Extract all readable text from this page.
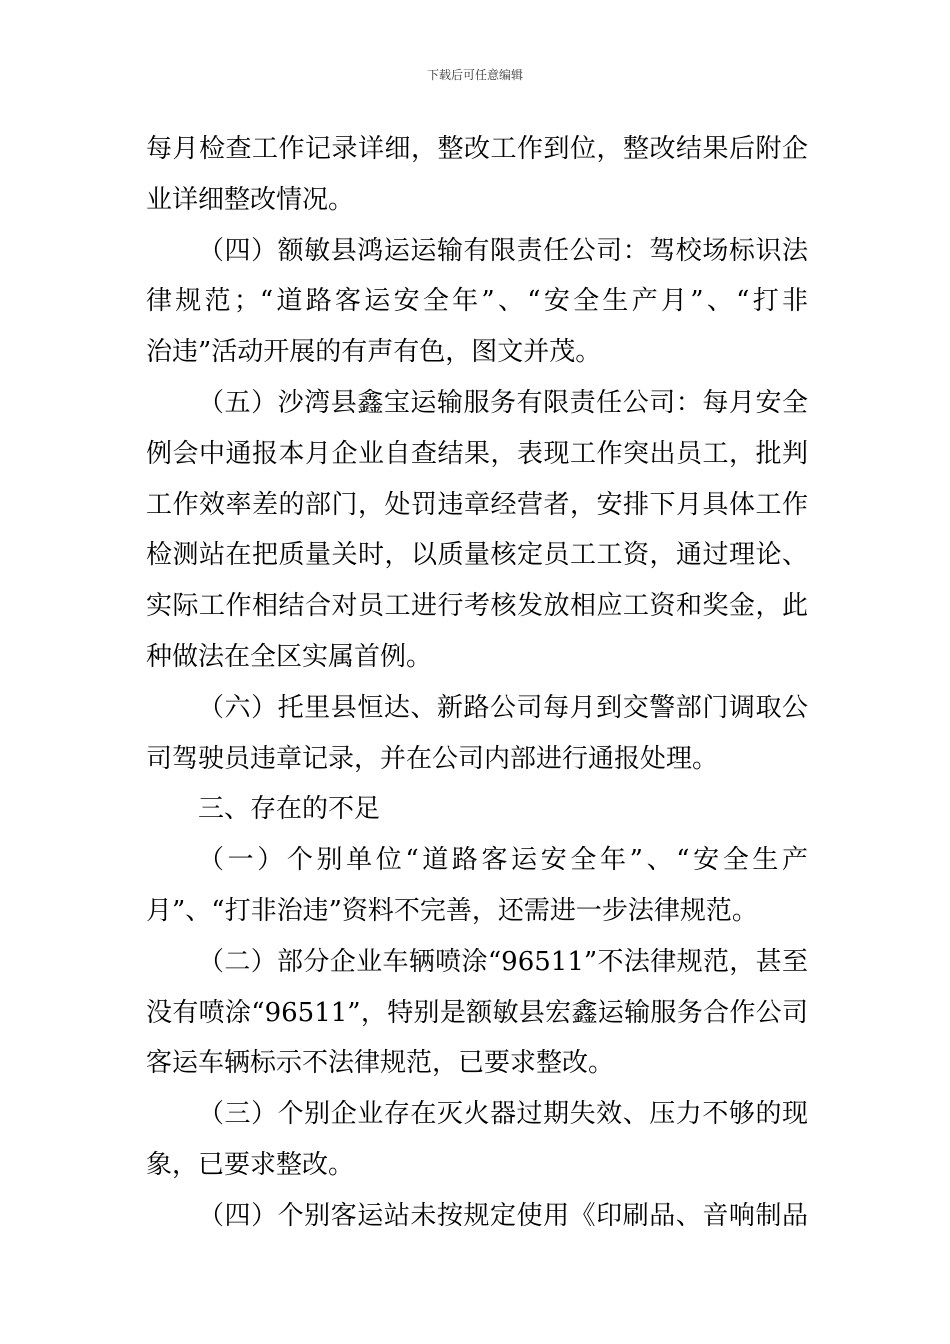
下载后可任意编辑
每月检查工作记录详细，整改工作到位，整改结果后附企
业详细整改情况。
（四）额敏县鸿运运输有限责任公司：驾校场标识法
律规范；“道路客运安全年”、“安全生产月”、“打非
治违”活动开展的有声有色，图文并茂。
（五）沙湾县鑫宝运输服务有限责任公司：每月安全
例会中通报本月企业自查结果，表现工作突出员工，批判
工作效率差的部门，处罚违章经营者，安排下月具体工作
检测站在把质量关时，以质量核定员工工资，通过理论、
实际工作相结合对员工进行考核发放相应工资和奖金，此
种做法在全区实属首例。
（六）托里县恒达、新路公司每月到交警部门调取公
司驾驶员违章记录，并在公司内部进行通报处理。
三、存在的不足
（一）个别单位“道路客运安全年”、“安全生产
月”、“打非治违”资料不完善，还需进一步法律规范。
（二）部分企业车辆喷涂“96511”不法律规范，甚至
没有喷涂“96511”，特别是额敏县宏鑫运输服务合作公司
客运车辆标示不法律规范，已要求整改。
（三）个别企业存在灭火器过期失效、压力不够的现
象，已要求整改。
（四）个别客运站未按规定使用《印刷品、音响制品
